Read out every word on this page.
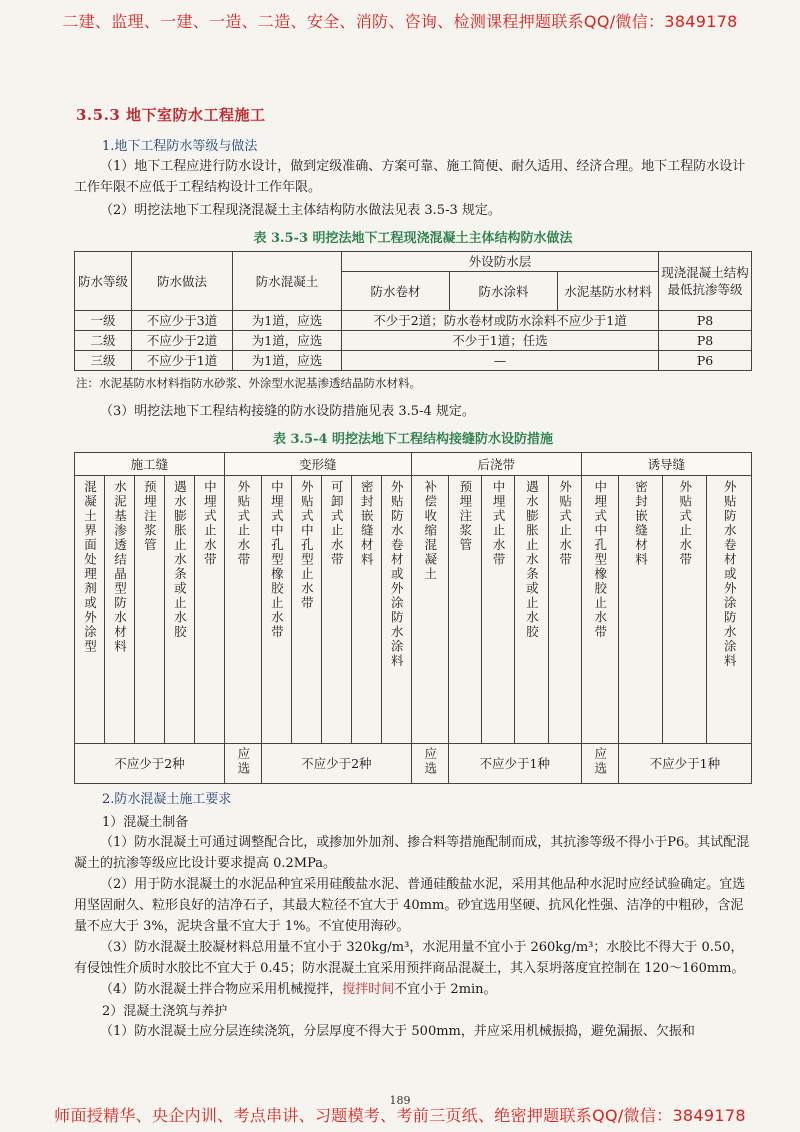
二建、监理、一建、一造、二造、安全、消防、咨询、检测课程押题联系QQ/微信：3849178
3.5.3 地下室防水工程施工
1.地下工程防水等级与做法

（1）地下工程应进行防水设计，做到定级准确、方案可靠、施工简便、耐久适用、经济合理。地下工程防水设计工作年限不应低于工程结构设计工作年限。

（2）明挖法地下工程现浇混凝土主体结构防水做法见表 3.5-3 规定。

表 3.5-3 明挖法地下工程现浇混凝土主体结构防水做法
防水等级	防水做法	防水混凝土	外设防水层			现浇混凝土结构最低抗渗等级
			防水卷材	防水涂料	水泥基防水材料	
一级	不应少于3道	为1道，应选	不少于2道；防水卷材或防水涂料不应少于1道			P8
二级	不应少于2道	为1道，应选	不少于1道；任选			P8
三级	不应少于1道	为1道，应选	—			P6
注：水泥基防水材料指防水砂浆、外涂型水泥基渗透结晶防水材料。

（3）明挖法地下工程结构接缝的防水设防措施见表 3.5-4 规定。

表 3.5-4 明挖法地下工程结构接缝防水设防措施
施工缝					变形缝						后浇带					诱导缝			
混凝土界面处理剂或外涂型	水泥基渗透结晶型防水材料	预埋注浆管	遇水膨胀止水条或止水胶	中埋式止水带	外贴式止水带	中埋式中孔型橡胶止水带	外贴式中孔型止水带	可卸式止水带	密封嵌缝材料	外贴防水卷材或外涂防水涂料	补偿收缩混凝土	预埋注浆管	中埋式止水带	遇水膨胀止水条或止水胶	外贴式止水带	中埋式中孔型橡胶止水带	密封嵌缝材料	外贴式止水带	外贴防水卷材或外涂防水涂料
不应少于2种					应选	不应少于2种					应选	不应少于1种				应选	不应少于1种		
2.防水混凝土施工要求
1）混凝土制备

（1）防水混凝土可通过调整配合比，或掺加外加剂、掺合料等措施配制而成，其抗渗等级不得小于P6。其试配混凝土的抗渗等级应比设计要求提高 0.2MPa。

（2）用于防水混凝土的水泥品种宜采用硅酸盐水泥、普通硅酸盐水泥，采用其他品种水泥时应经试验确定。宜选用坚固耐久、粒形良好的洁净石子，其最大粒径不宜大于 40mm。砂宜选用坚硬、抗风化性强、洁净的中粗砂，含泥量不应大于 3%，泥块含量不宜大于 1%。不宜使用海砂。

（3）防水混凝土胶凝材料总用量不宜小于 320kg/m³，水泥用量不宜小于 260kg/m³；水胶比不得大于 0.50，有侵蚀性介质时水胶比不宜大于 0.45；防水混凝土宜采用预拌商品混凝土，其入泵坍落度宜控制在 120～160mm。

（4）防水混凝土拌合物应采用机械搅拌，搅拌时间不宜小于 2min。

2）混凝土浇筑与养护

（1）防水混凝土应分层连续浇筑，分层厚度不得大于 500mm，并应采用机械振捣，避免漏振、欠振和

189
师面授精华、央企内训、考点串讲、习题模考、考前三页纸、绝密押题联系QQ/微信：3849178
